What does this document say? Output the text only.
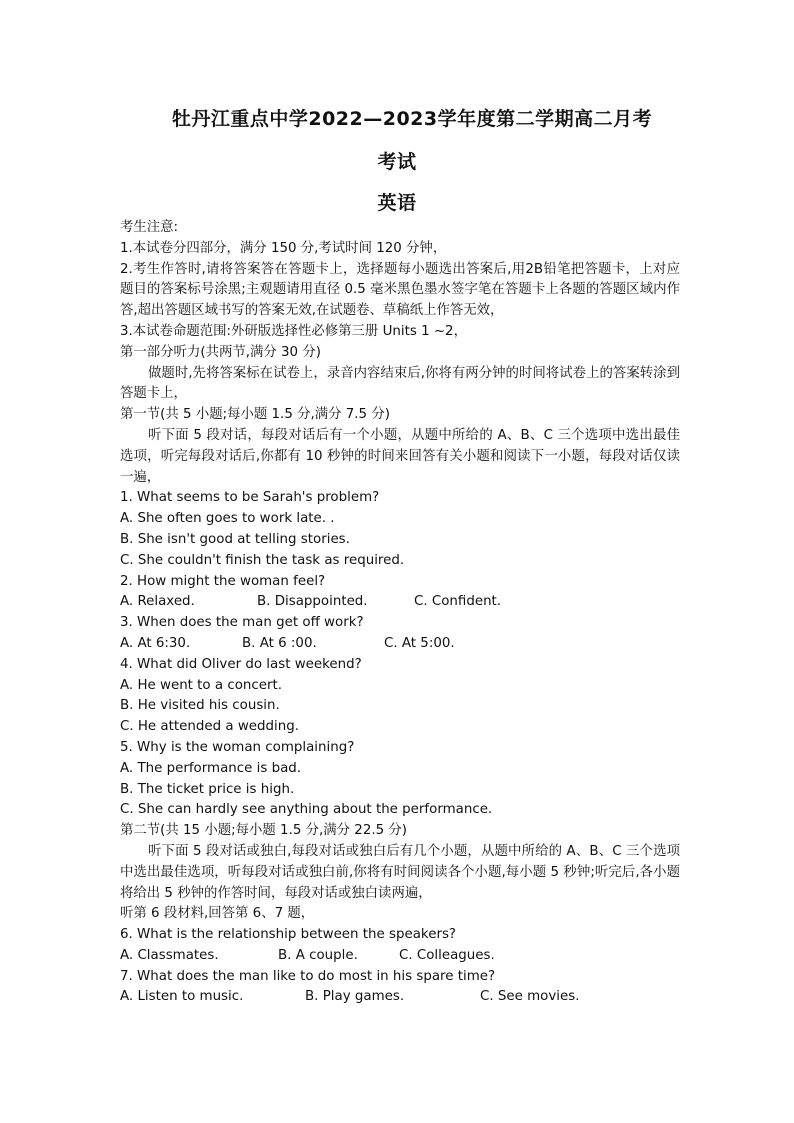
牡丹江重点中学2022—2023学年度第二学期高二月考
考试
英语
考生注意:
1.本试卷分四部分，满分 150 分,考试时间 120 分钟，
2.考生作答时,请将答案答在答题卡上，选择题每小题选出答案后,用2B铅笔把答题卡，上对应题目的答案标号涂黑;主观题请用直径 0.5 毫米黑色墨水签字笔在答题卡上各题的答题区域内作答,超出答题区域书写的答案无效,在试题卷、草稿纸上作答无效，
3.本试卷命题范围:外研版选择性必修第三册 Units 1 ~2，
第一部分听力(共两节,满分 30 分)
做题时,先将答案标在试卷上，录音内容结束后,你将有两分钟的时间将试卷上的答案转涂到答题卡上，
第一节(共 5 小题;每小题 1.5 分,满分 7.5 分)
听下面 5 段对话，每段对话后有一个小题，从题中所给的 A、B、C 三个选项中选出最佳选项，听完每段对话后,你都有 10 秒钟的时间来回答有关小题和阅读下一小题，每段对话仅读一遍，
1. What seems to be Sarah's problem?
A. She often goes to work late. .
B. She isn't good at telling stories.
C. She couldn't finish the task as required.
2. How might the woman feel?
A. Relaxed.	B. Disappointed.	C. Confident.
3. When does the man get off work?
A. At 6:30.	B. At 6 :00.	C. At 5:00.
4. What did Oliver do last weekend?
A. He went to a concert.
B. He visited his cousin.
C. He attended a wedding.
5. Why is the woman complaining?
A. The performance is bad.
B. The ticket price is high.
C. She can hardly see anything about the performance.
第二节(共 15 小题;每小题 1.5 分,满分 22.5 分)
听下面 5 段对话或独白,每段对话或独白后有几个小题，从题中所给的 A、B、C 三个选项中选出最佳选项，听每段对话或独白前,你将有时间阅读各个小题,每小题 5 秒钟;听完后,各小题将给出 5 秒钟的作答时间，每段对话或独白读两遍，
听第 6 段材料,回答第 6、7 题，
6. What is the relationship between the speakers?
A. Classmates.	B. A couple.	C. Colleagues.
7. What does the man like to do most in his spare time?
A. Listen to music.	B. Play games.	C. See movies.
